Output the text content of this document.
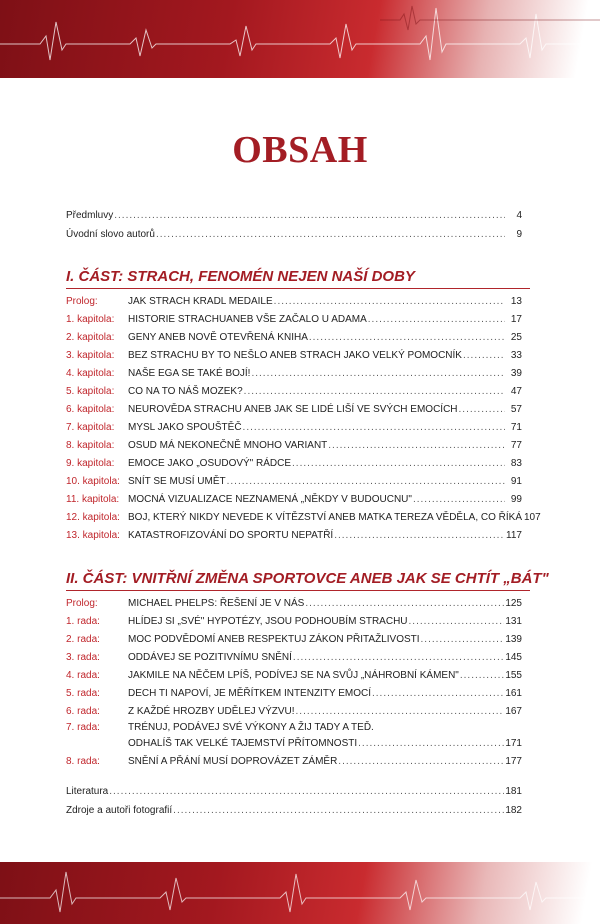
OBSAH
Předmluvy .....	4
Úvodní slovo autorů .....	9
I. ČÁST: STRACH, FENOMÉN NEJEN NAŠÍ DOBY
Prolog:	JAK STRACH KRADL MEDAILE .....	13
1. kapitola:	HISTORIE STRACHUANEB VŠE ZAČALO U ADAMA .....	17
2. kapitola:	GENY ANEB NOVĚ OTEVŘENÁ KNIHA .....	25
3. kapitola:	BEZ STRACHU BY TO NEŠLO ANEB STRACH JAKO VELKÝ POMOCNÍK .....	33
4. kapitola:	NAŠE EGA SE TAKÉ BOJÍ! .....	39
5. kapitola:	CO NA TO NÁŠ MOZEK? .....	47
6. kapitola:	NEUROVĚDA STRACHU ANEB JAK SE LIDÉ LIŠÍ VE SVÝCH EMOCÍCH .....	57
7. kapitola:	MYSL JAKO SPOUŠTĚČ .....	71
8. kapitola:	OSUD MÁ NEKONEČNĚ MNOHO VARIANT .....	77
9. kapitola:	EMOCE JAKO „OSUDOVÝ" RÁDCE .....	83
10. kapitola: SNÍT SE MUSÍ UMĚT .....	91
11. kapitola: MOCNÁ VIZUALIZACE NEZNAMENÁ „NĚKDY V BUDOUCNU" .....	99
12. kapitola: BOJ, KTERÝ NIKDY NEVEDE K VÍTĚZSTVÍ ANEB MATKA TEREZA VĚDĚLA, CO ŘÍKÁ 107
13. kapitola: KATASTROFIZOVÁNÍ DO SPORTU NEPATŘÍ .....	117
II. ČÁST: VNITŘNÍ ZMĚNA SPORTOVCE ANEB JAK SE CHTÍT „BÁT"
Prolog:	MICHAEL PHELPS: ŘEŠENÍ JE V NÁS .....	125
1. rada:	HLÍDEJ SI „SVÉ" HYPOTÉZY, JSOU PODHOUBÍM STRACHU .....	131
2. rada:	MOC PODVĚDOMÍ ANEB RESPEKTUJ ZÁKON PŘITAŽLIVOSTI .....	139
3. rada:	ODDÁVEJ SE POZITIVNÍMU SNĚNÍ .....	145
4. rada:	JAKMILE NA NĚČEM LPÍŠ, PODÍVEJ SE NA SVŮJ „NÁHROBNÍ KÁMEN" .....	155
5. rada:	DECH TI NAPOVÍ, JE MĚŘÍTKEM INTENZITY EMOCÍ .....	161
6. rada:	Z KAŽDÉ HROZBY UDĚLEJ VÝZVU! .....	167
7. rada:	TRÉNUJ, PODÁVEJ SVÉ VÝKONY A ŽIJ TADY A TEĎ.
ODHALÍŠ TAK VELKÉ TAJEMSTVÍ PŘÍTOMNOSTI .....	171
8. rada:	SNĚNÍ A PŘÁNÍ MUSÍ DOPROVÁZET ZÁMĚR .....	177
Literatura .....	181
Zdroje a autoři fotografií .....	182
